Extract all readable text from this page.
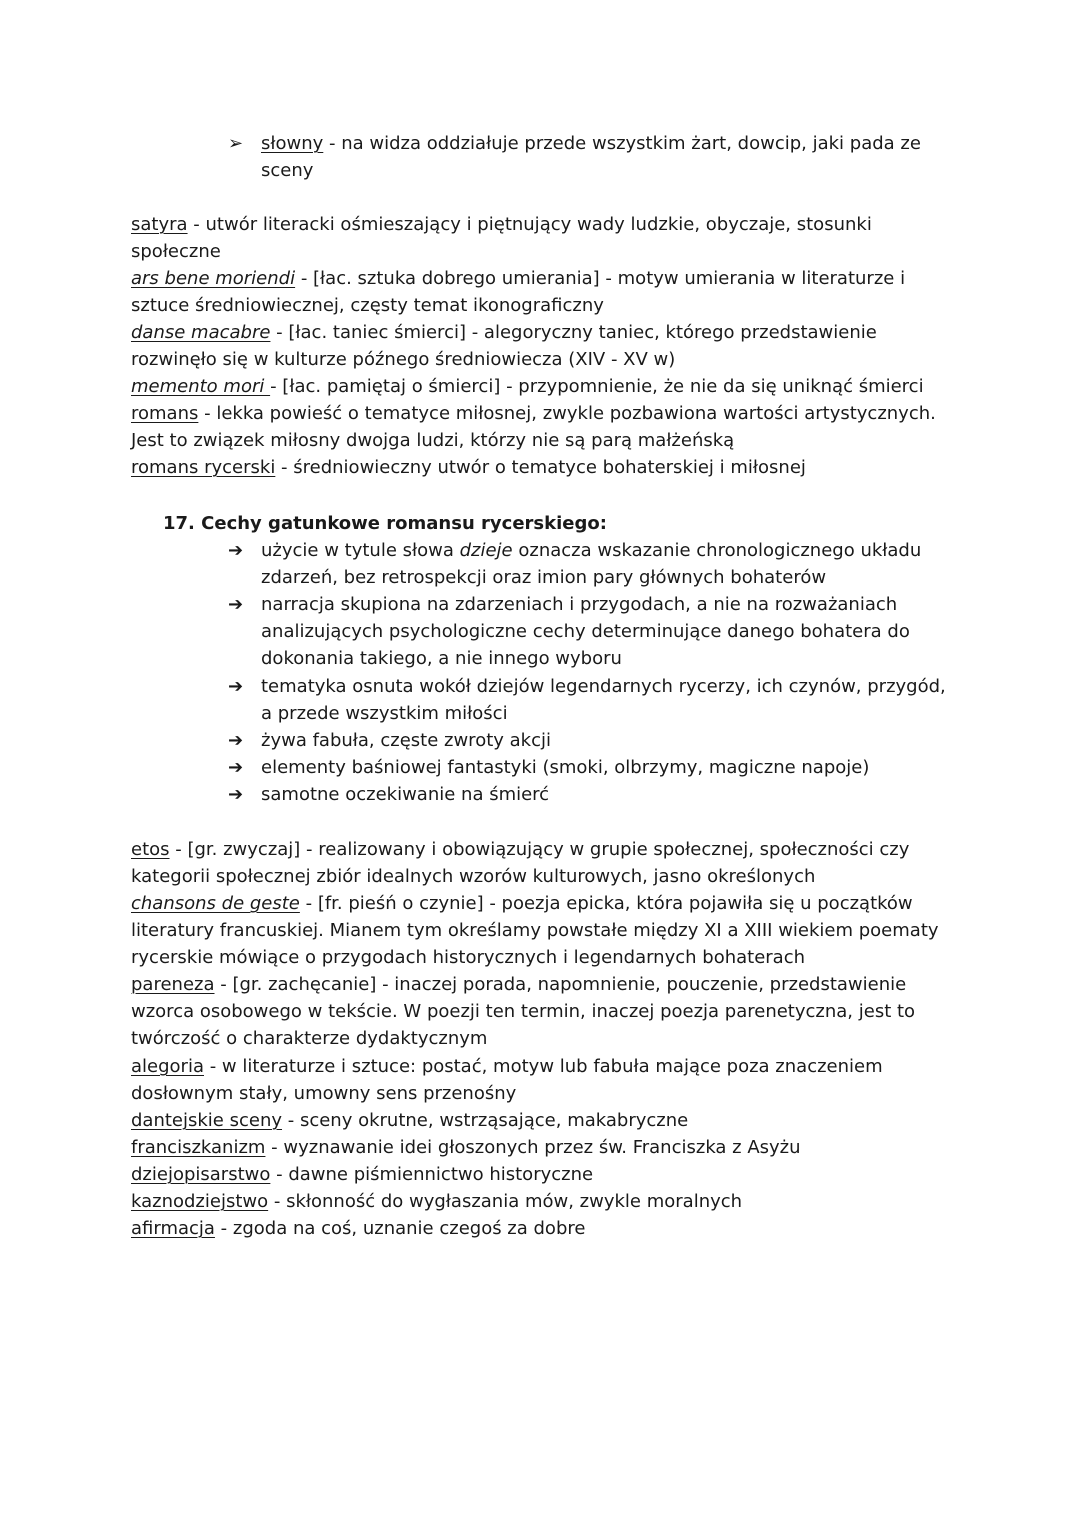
➢ słowny - na widza oddziałuje przede wszystkim żart, dowcip, jaki pada ze
sceny
satyra - utwór literacki ośmieszający i piętnujący wady ludzkie, obyczaje, stosunki
społeczne
ars bene moriendi - [łac. sztuka dobrego umierania] - motyw umierania w literaturze i
sztuce średniowiecznej, częsty temat ikonograficzny
danse macabre - [łac. taniec śmierci] - alegoryczny taniec, którego przedstawienie
rozwinęło się w kulturze późnego średniowiecza (XIV - XV w)
memento mori - [łac. pamiętaj o śmierci] - przypomnienie, że nie da się uniknąć śmierci
romans - lekka powieść o tematyce miłosnej, zwykle pozbawiona wartości artystycznych.
Jest to związek miłosny dwojga ludzi, którzy nie są parą małżeńską
romans rycerski - średniowieczny utwór o tematyce bohaterskiej i miłosnej
17. Cechy gatunkowe romansu rycerskiego:
➔ użycie w tytule słowa dzieje oznacza wskazanie chronologicznego układu
zdarzeń, bez retrospekcji oraz imion pary głównych bohaterów
➔ narracja skupiona na zdarzeniach i przygodach, a nie na rozważaniach
analizujących psychologiczne cechy determinujące danego bohatera do
dokonania takiego, a nie innego wyboru
➔ tematyka osnuta wokół dziejów legendarnych rycerzy, ich czynów, przygód,
a przede wszystkim miłości
➔ żywa fabuła, częste zwroty akcji
➔ elementy baśniowej fantastyki (smoki, olbrzymy, magiczne napoje)
➔ samotne oczekiwanie na śmierć
etos - [gr. zwyczaj] - realizowany i obowiązujący w grupie społecznej, społeczności czy
kategorii społecznej zbiór idealnych wzorów kulturowych, jasno określonych
chansons de geste - [fr. pieśń o czynie] - poezja epicka, która pojawiła się u początków
literatury francuskiej. Mianem tym określamy powstałe między XI a XIII wiekiem poematy
rycerskie mówiące o przygodach historycznych i legendarnych bohaterach
pareneza - [gr. zachęcanie] - inaczej porada, napomnienie, pouczenie, przedstawienie
wzorca osobowego w tekście. W poezji ten termin, inaczej poezja parenetyczna, jest to
twórczość o charakterze dydaktycznym
alegoria - w literaturze i sztuce: postać, motyw lub fabuła mające poza znaczeniem
dosłownym stały, umowny sens przenośny
dantejskie sceny - sceny okrutne, wstrząsające, makabryczne
franciszkanizm - wyznawanie idei głoszonych przez św. Franciszka z Asyżu
dziejopisarstwo - dawne piśmiennictwo historyczne
kaznodziejstwo - skłonność do wygłaszania mów, zwykle moralnych
afirmacja - zgoda na coś, uznanie czegoś za dobre
